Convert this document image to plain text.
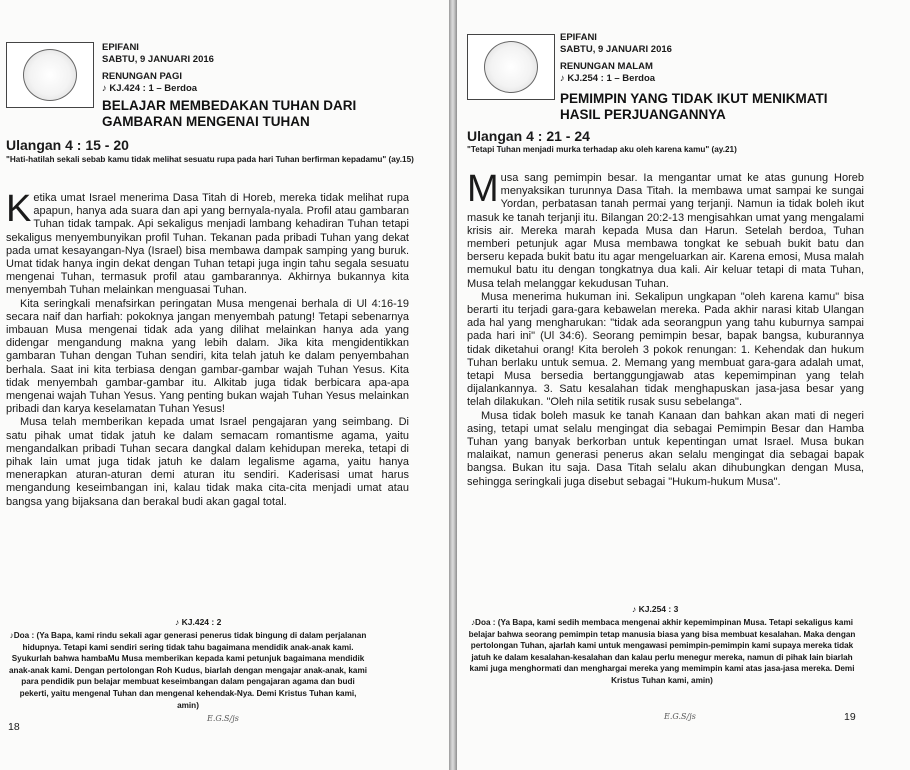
EPIFANI
SABTU, 9 JANUARI 2016
RENUNGAN PAGI
♪ KJ.424 : 1 – Berdoa
BELAJAR MEMBEDAKAN TUHAN DARI GAMBARAN MENGENAI TUHAN
Ulangan 4 : 15 - 20
"Hati-hatilah sekali sebab kamu tidak melihat sesuatu rupa pada hari Tuhan berfirman kepadamu" (ay.15)

Ketika umat Israel menerima Dasa Titah di Horeb, mereka tidak melihat rupa apapun, hanya ada suara dan api yang bernyala-nyala. Profil atau gambaran Tuhan tidak tampak. Api sekaligus menjadi lambang kehadiran Tuhan tetapi sekaligus menyembunyikan profil Tuhan. Tekanan pada pribadi Tuhan yang dekat pada umat kesayangan-Nya (Israel) bisa membawa dampak samping yang buruk. Umat tidak hanya ingin dekat dengan Tuhan tetapi juga ingin tahu segala sesuatu mengenai Tuhan, termasuk profil atau gambarannya. Akhirnya bukannya kita menyembah Tuhan melainkan menguasai Tuhan.

Kita seringkali menafsirkan peringatan Musa mengenai berhala di Ul 4:16-19 secara naif dan harfiah: pokoknya jangan menyembah patung! Tetapi sebenarnya imbauan Musa mengenai tidak ada yang dilihat melainkan hanya ada yang didengar mengandung makna yang lebih dalam. Jika kita mengidentikkan gambaran Tuhan dengan Tuhan sendiri, kita telah jatuh ke dalam penyembahan berhala. Saat ini kita terbiasa dengan gambar-gambar wajah Tuhan Yesus. Kita tidak menyembah gambar-gambar itu. Alkitab juga tidak berbicara apa-apa mengenai wajah Tuhan Yesus. Yang penting bukan wajah Tuhan Yesus melainkan pribadi dan karya keselamatan Tuhan Yesus!

Musa telah memberikan kepada umat Israel pengajaran yang seimbang. Di satu pihak umat tidak jatuh ke dalam semacam romantisme agama, yaitu mengandalkan pribadi Tuhan secara dangkal dalam kehidupan mereka, tetapi di pihak lain umat juga tidak jatuh ke dalam legalisme agama, yaitu hanya menerapkan aturan-aturan demi aturan itu sendiri. Kaderisasi umat harus mengandung keseimbangan ini, kalau tidak maka cita-cita menjadi umat atau bangsa yang bijaksana dan berakal budi akan gagal total.

♪ KJ.424 : 2
♪Doa : (Ya Bapa, kami rindu sekali agar generasi penerus tidak bingung di dalam perjalanan hidupnya. Tetapi kami sendiri sering tidak tahu bagaimana mendidik anak-anak kami. Syukurlah bahwa hambaMu Musa memberikan kepada kami petunjuk bagaimana mendidik anak-anak kami. Dengan pertolongan Roh Kudus, biarlah dengan mengajar anak-anak, kami para pendidik pun belajar membuat keseimbangan dalam pengajaran agama dan budi pekerti, yaitu mengenal Tuhan dan mengenal kehendak-Nya. Demi Kristus Tuhan kami, amin)
E.G.S/js
18
EPIFANI
SABTU, 9 JANUARI 2016
RENUNGAN MALAM
♪ KJ.254 : 1 – Berdoa
PEMIMPIN YANG TIDAK IKUT MENIKMATI HASIL PERJUANGANNYA
Ulangan 4 : 21 - 24
"Tetapi Tuhan menjadi murka terhadap aku oleh karena kamu" (ay.21)

Musa sang pemimpin besar. Ia mengantar umat ke atas gunung Horeb menyaksikan turunnya Dasa Titah. Ia membawa umat sampai ke sungai Yordan, perbatasan tanah permai yang terjanji. Namun ia tidak boleh ikut masuk ke tanah terjanji itu. Bilangan 20:2-13 mengisahkan umat yang mengalami krisis air. Mereka marah kepada Musa dan Harun. Setelah berdoa, Tuhan memberi petunjuk agar Musa membawa tongkat ke sebuah bukit batu dan berseru kepada bukit batu itu agar mengeluarkan air. Karena emosi, Musa malah memukul batu itu dengan tongkatnya dua kali. Air keluar tetapi di mata Tuhan, Musa telah melanggar kekudusan Tuhan.

Musa menerima hukuman ini. Sekalipun ungkapan "oleh karena kamu" bisa berarti itu terjadi gara-gara kebawelan mereka. Pada akhir narasi kitab Ulangan ada hal yang mengharukan: "tidak ada seorangpun yang tahu kuburnya sampai pada hari ini" (Ul 34:6). Seorang pemimpin besar, bapak bangsa, kuburannya tidak diketahui orang! Kita beroleh 3 pokok renungan: 1. Kehendak dan hukum Tuhan berlaku untuk semua. 2. Memang yang membuat gara-gara adalah umat, tetapi Musa bersedia bertanggungjawab atas kepemimpinan yang telah dijalankannya. 3. Satu kesalahan tidak menghapuskan jasa-jasa besar yang telah dilakukan. "Oleh nila setitik rusak susu sebelanga".

Musa tidak boleh masuk ke tanah Kanaan dan bahkan akan mati di negeri asing, tetapi umat selalu mengingat dia sebagai Pemimpin Besar dan Hamba Tuhan yang banyak berkorban untuk kepentingan umat Israel. Musa bukan malaikat, namun generasi penerus akan selalu mengingat dia sebagai bapak bangsa. Bukan itu saja. Dasa Titah selalu akan dihubungkan dengan Musa, sehingga seringkali juga disebut sebagai "Hukum-hukum Musa".

♪ KJ.254 : 3
♪Doa : (Ya Bapa, kami sedih membaca mengenai akhir kepemimpinan Musa. Tetapi sekaligus kami belajar bahwa seorang pemimpin tetap manusia biasa yang bisa membuat kesalahan. Maka dengan pertolongan Tuhan, ajarlah kami untuk mengawasi pemimpin-pemimpin kami supaya mereka tidak jatuh ke dalam kesalahan-kesalahan dan kalau perlu menegur mereka, namun di pihak lain biarlah kami juga menghormati dan menghargai mereka yang memimpin kami atas jasa-jasa mereka. Demi Kristus Tuhan kami, amin)
E.G.S/js	19
